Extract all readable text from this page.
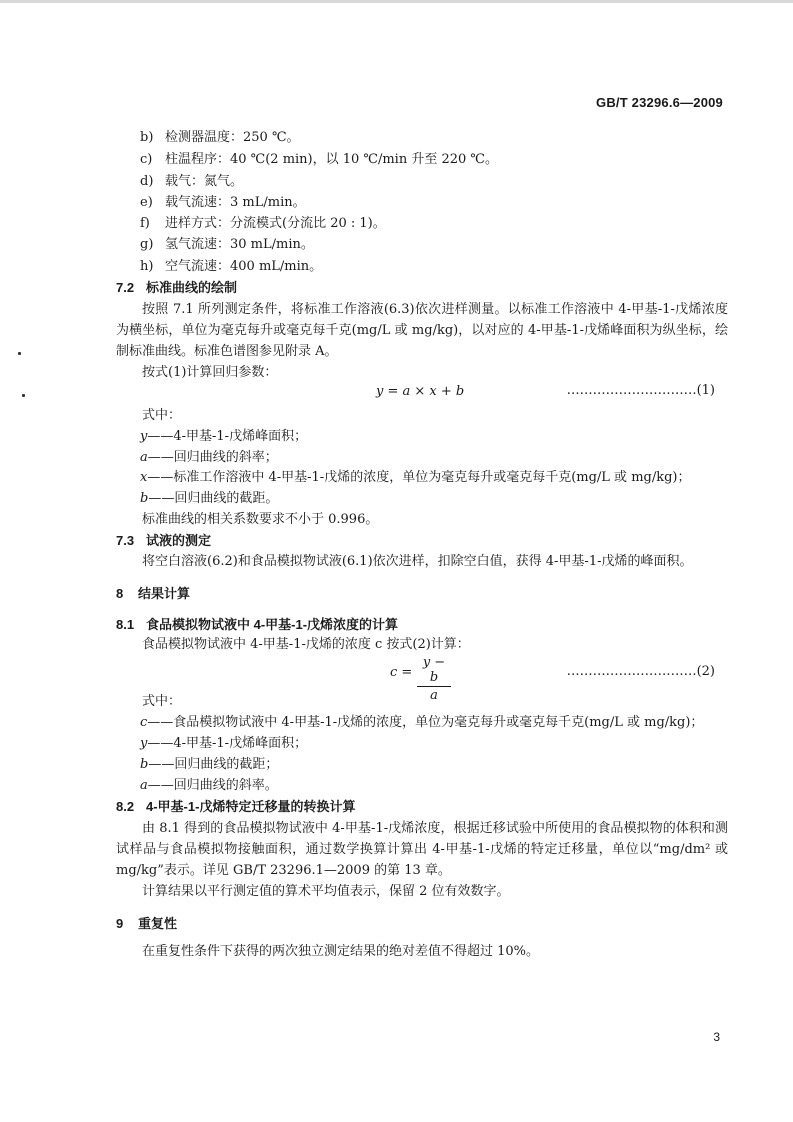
GB/T 23296.6—2009
b) 检测器温度：250 ℃。
c) 柱温程序：40 ℃(2 min)，以 10 ℃/min 升至 220 ℃。
d) 载气：氮气。
e) 载气流速：3 mL/min。
f) 进样方式：分流模式(分流比 20 : 1)。
g) 氢气流速：30 mL/min。
h) 空气流速：400 mL/min。
7.2 标准曲线的绘制
按照 7.1 所列测定条件，将标准工作溶液(6.3)依次进样测量。以标准工作溶液中 4-甲基-1-戊烯浓度为横坐标，单位为毫克每升或毫克每千克(mg/L 或 mg/kg)，以对应的 4-甲基-1-戊烯峰面积为纵坐标，绘制标准曲线。标准色谱图参见附录 A。
按式(1)计算回归参数：
y = a × x + b	…………………………(1)
式中：
y——4-甲基-1-戊烯峰面积；
a——回归曲线的斜率；
x——标准工作溶液中 4-甲基-1-戊烯的浓度，单位为毫克每升或毫克每千克(mg/L 或 mg/kg)；
b——回归曲线的截距。
标准曲线的相关系数要求不小于 0.996。
7.3 试液的测定
将空白溶液(6.2)和食品模拟物试液(6.1)依次进样，扣除空白值，获得 4-甲基-1-戊烯的峰面积。
8 结果计算
8.1 食品模拟物试液中 4-甲基-1-戊烯浓度的计算
食品模拟物试液中 4-甲基-1-戊烯的浓度 c 按式(2)计算：
c =
y − b
a
…………………………(2)
式中：
c——食品模拟物试液中 4-甲基-1-戊烯的浓度，单位为毫克每升或毫克每千克(mg/L 或 mg/kg)；
y——4-甲基-1-戊烯峰面积；
b——回归曲线的截距；
a——回归曲线的斜率。
8.2 4-甲基-1-戊烯特定迁移量的转换计算
由 8.1 得到的食品模拟物试液中 4-甲基-1-戊烯浓度，根据迁移试验中所使用的食品模拟物的体积和测试样品与食品模拟物接触面积，通过数学换算计算出 4-甲基-1-戊烯的特定迁移量，单位以“mg/dm² 或 mg/kg”表示。详见 GB/T 23296.1—2009 的第 13 章。
计算结果以平行测定值的算术平均值表示，保留 2 位有效数字。
9 重复性
在重复性条件下获得的两次独立测定结果的绝对差值不得超过 10%。
3
